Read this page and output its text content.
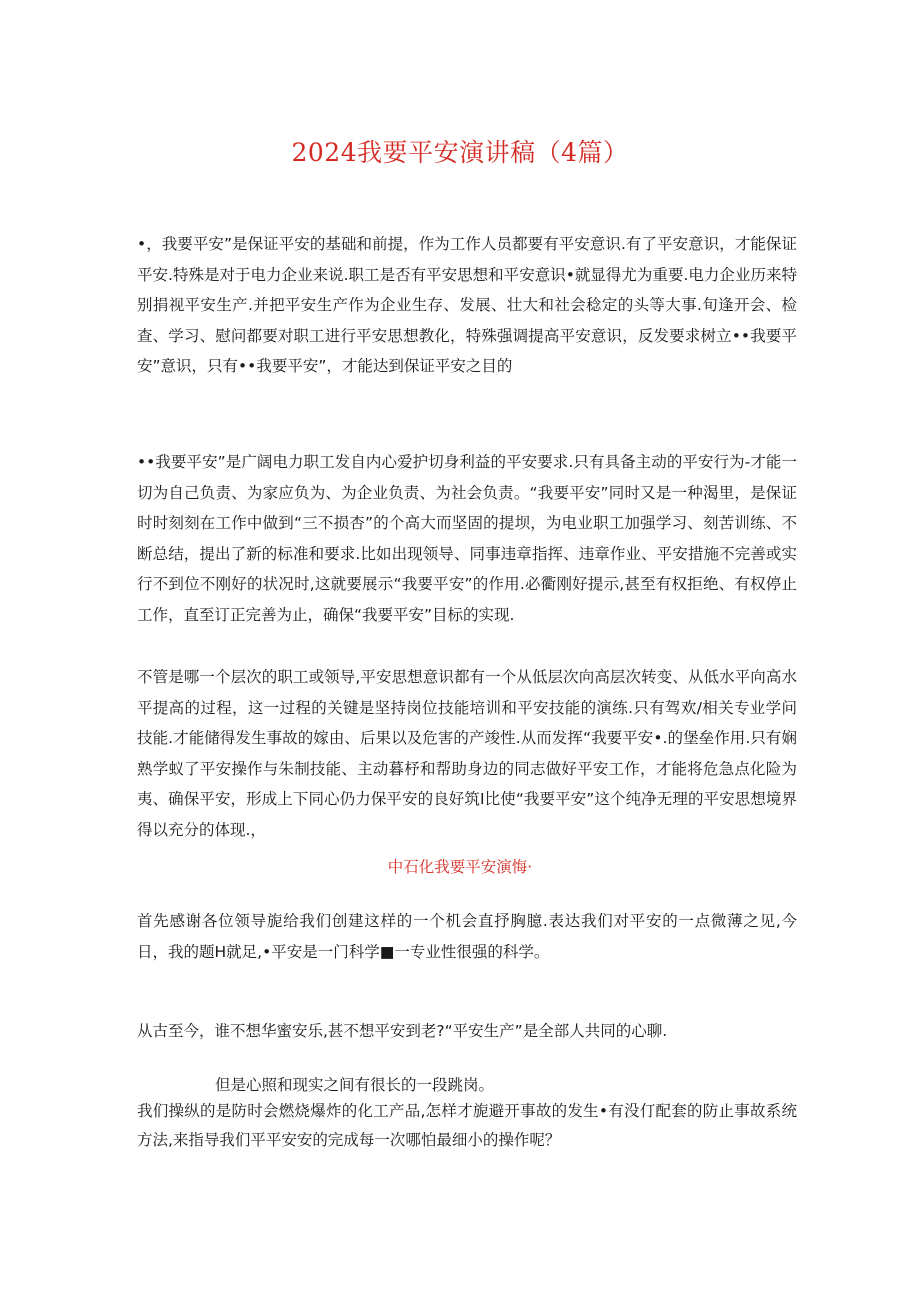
2024我要平安演讲稿（4篇）

•，我要平安”是保证平安的基础和前提，作为工作人员都要有平安意识.有了平安意识，才能保证平安.特殊是对于电力企业来说.职工是否有平安思想和平安意识•就显得尤为重要.电力企业历来特别捐视平安生产.并把平安生产作为企业生存、发展、壮大和社会稔定的头等大事.旬逢开会、检查、学习、慰问都要对职工进行平安思想教化，特殊强调提高平安意识，反发要求树立••我要平安”意识，只有••我要平安”，才能达到保证平安之目的

••我要平安”是广阔电力职工发自内心爱护切身利益的平安要求.只有具备主动的平安行为-才能一切为自己负责、为家应负为、为企业负责、为社会负责。“我要平安”同时又是一种渴里，是保证时时刻刻在工作中做到“三不损杏”的个高大而坚固的提坝，为电业职工加强学习、刻苦训练、不断总结，提出了新的标准和要求.比如出现领导、同事违章指挥、违章作业、平安措施不完善或实行不到位不刚好的状况时,这就要展示“我要平安”的作用.必衢刚好提示,甚至有权拒绝、有权停止工作，直至订正完善为止，确保“我要平安”目标的实现.

不管是哪一个层次的职工或领导,平安思想意识都有一个从低层次向高层次转变、从低水平向高水平提高的过程，这一过程的关键是坚持岗位技能培训和平安技能的演练.只有驾欢/相关专业学问技能.才能储得发生事故的嫁由、后果以及危害的产竣性.从而发挥“我要平安•.的堡垒作用.只有娴熟学蚁了平安操作与朱制技能、主动暮杼和帮助身边的同志做好平安工作，才能将危急点化险为夷、确保平安，形成上下同心仍力保平安的良好筑I比使“我要平安”这个纯净无理的平安思想境界得以充分的体现.，

中石化我要平安演悔·

首先感谢各位领导旎给我们创建这样的一个机会直抒胸臆.表达我们对平安的一点微薄之见,今日，我的题H就足,•平安是一门科学■一专业性很强的科学。

从古至今，谁不想华蜜安乐,甚不想平安到老?“平安生产”是全部人共同的心聊.

但是心照和现实之间有很长的一段跳岗。

我们操纵的是防时会燃烧爆炸的化工产品,怎样才旎避开事故的发生•有没仃配套的防止事故系统方法,来指导我们平平安安的完成每一次哪怕最细小的操作呢？
